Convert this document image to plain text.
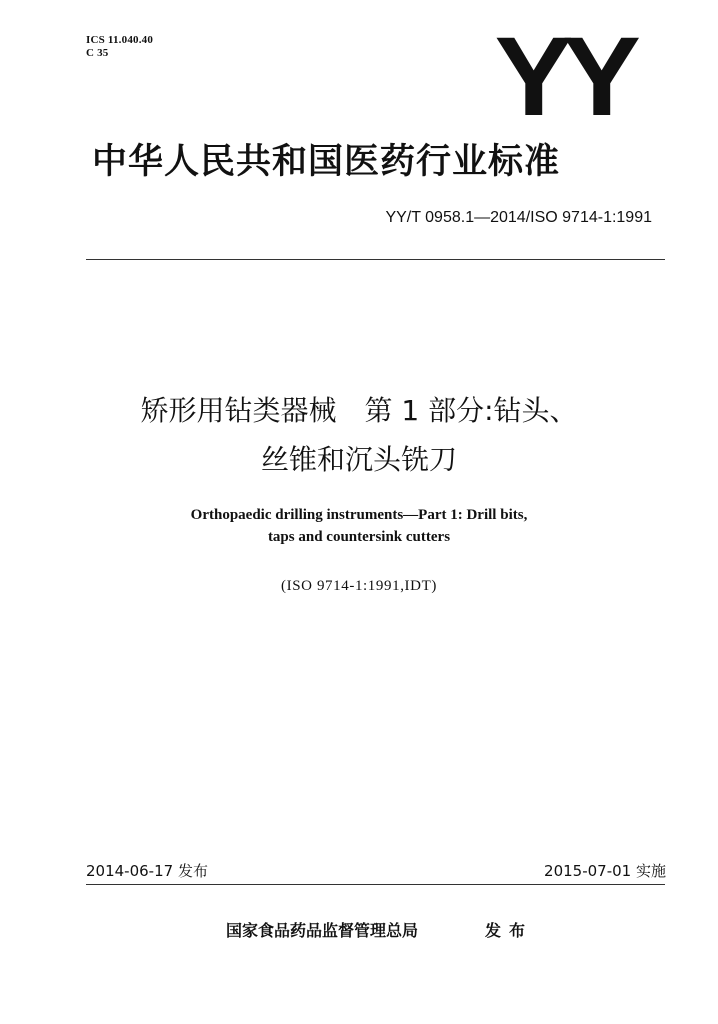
ICS 11.040.40
C 35	YY
中华人民共和国医药行业标准
YY/T 0958.1—2014/ISO 9714-1:1991
矫形用钻类器械　第 1 部分:钻头、
丝锥和沉头铣刀
Orthopaedic drilling instruments—Part 1: Drill bits,
taps and countersink cutters
(ISO 9714-1:1991,IDT)
2014-06-17 发布	2015-07-01 实施
国家食品药品监督管理总局	发布
